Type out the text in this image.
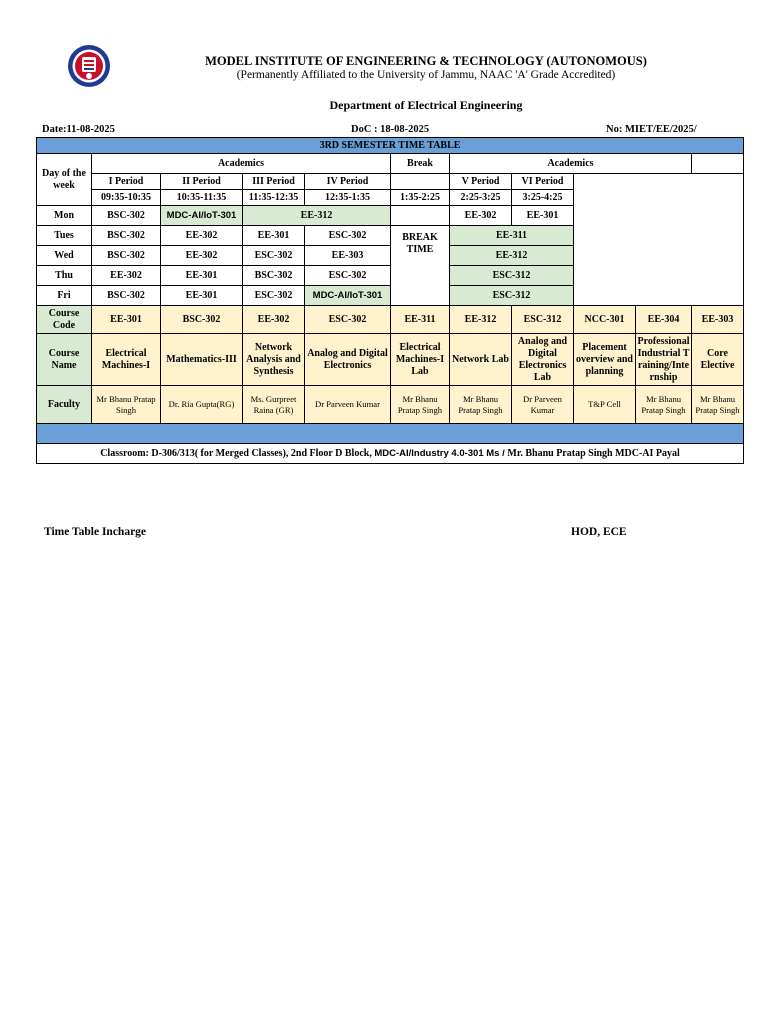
MODEL INSTITUTE OF ENGINEERING & TECHNOLOGY (AUTONOMOUS)
(Permanently Affiliated to the University of Jammu, NAAC 'A' Grade Accredited)
Department of Electrical Engineering
Date:11-08-2025	DoC : 18-08-2025	No: MIET/EE/2025/
3RD SEMESTER TIME TABLE										
Day of the week	Academics				Break	Academics				
	I Period	II Period	III Period	IV Period		V Period	VI Period			
	09:35-10:35	10:35-11:35	11:35-12:35	12:35-1:35	1:35-2:25	2:25-3:25	3:25-4:25			
Mon	BSC-302	MDC-AI/IoT-301	EE-312			EE-302	EE-301			
Tues	BSC-302	EE-302	EE-301	ESC-302	BREAK TIME	EE-311				
Wed	BSC-302	EE-302	ESC-302	EE-303		EE-312				
Thu	EE-302	EE-301	BSC-302	ESC-302		ESC-312				
Fri	BSC-302	EE-301	ESC-302	MDC-AI/IoT-301		ESC-312				
Course Code	EE-301	BSC-302	EE-302	ESC-302	EE-311	EE-312	ESC-312	NCC-301	EE-304	EE-303
Course Name	Electrical Machines-I	Mathematics-III	Network Analysis and Synthesis	Analog and Digital Electronics	Electrical Machines-I Lab	Network Lab	Analog and Digital Electronics Lab	Placement overview and planning	Professional Industrial Training/Internship	Core Elective
Faculty	Mr Bhanu Pratap Singh	Dr. Ria Gupta(RG)	Ms. Gurpreet Raina (GR)	Dr Parveen Kumar	Mr Bhanu Pratap Singh	Mr Bhanu Pratap Singh	Dr Parveen Kumar	T&P Cell	Mr Bhanu Pratap Singh	Mr Bhanu Pratap Singh

Classroom: D-306/313( for Merged Classes), 2nd Floor D Block, MDC-AI/Industry 4.0-301 Ms / Mr. Bhanu Pratap Singh MDC-AI Payal										
Time Table Incharge	HOD, ECE
